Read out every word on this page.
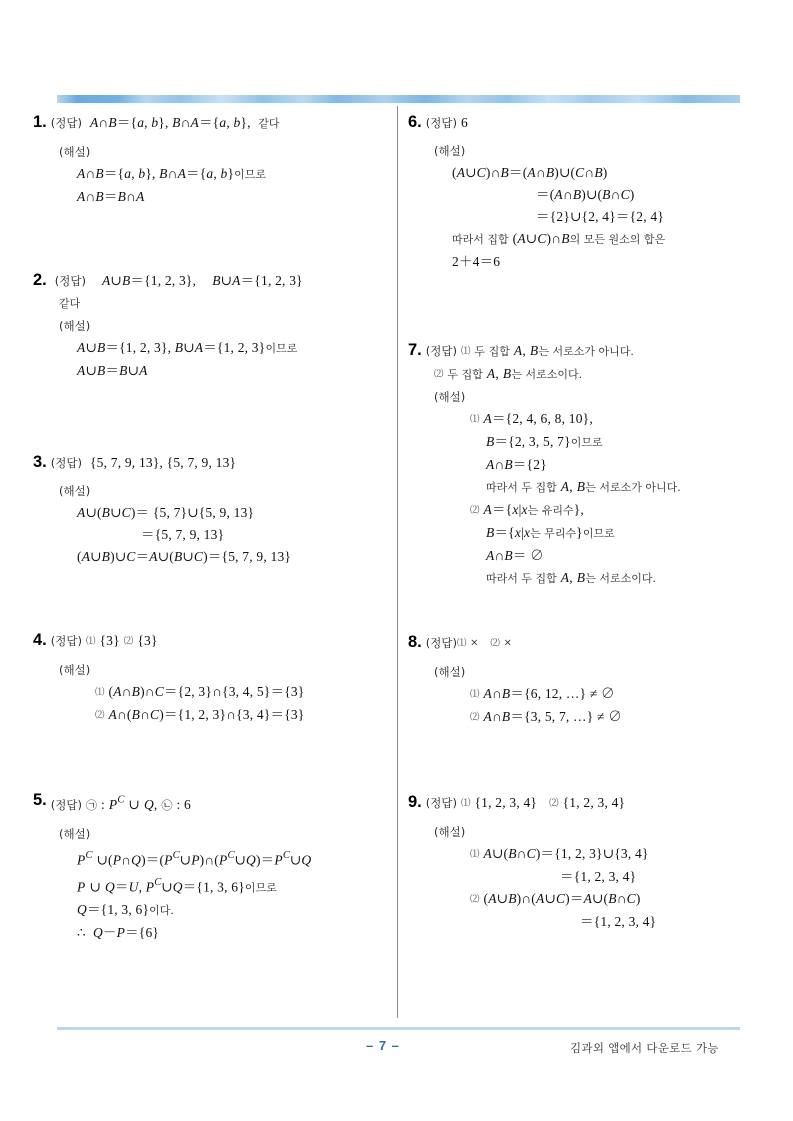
1. (정답) A∩B＝{a, b}, B∩A＝{a, b},  같다
(해설)
A∩B＝{a, b}, B∩A＝{a, b}이므로
A∩B＝B∩A
2. (정답) A∪B＝{1, 2, 3}, B∪A＝{1, 2, 3}
같다
(해설)
A∪B＝{1, 2, 3}, B∪A＝{1, 2, 3}이므로
A∪B＝B∪A
3. (정답) {5, 7, 9, 13}, {5, 7, 9, 13}
(해설)
A∪(B∪C)＝ {5, 7}∪{5, 9, 13}
＝{5, 7, 9, 13}
(A∪B)∪C＝A∪(B∪C)＝{5, 7, 9, 13}
4. (정답) ⑴ {3} ⑵ {3}
(해설)
⑴ (A∩B)∩C＝{2, 3}∩{3, 4, 5}＝{3}
⑵ A∩(B∩C)＝{1, 2, 3}∩{3, 4}＝{3}
5. (정답) ㉠ : $P^C$ ∪ Q, ㉡ : 6
(해설)
$P^C$ $\cup(P\cap Q)=(P^C\cup P)\cap(P^C\cup Q)=P^C\cup Q$
P ∪ Q＝U, $P^C\cup Q=\{1$, 3, 6}이므로
Q＝{1, 3, 6}이다.
∴  Q－P＝{6}
6. (정답) 6
(해설)
(A∪C)∩B＝(A∩B)∪(C∩B)
＝(A∩B)∪(B∩C)
＝{2}∪{2, 4}＝{2, 4}
따라서 집합 (A∪C)∩B의 모든 원소의 합은
2＋4＝6
7. (정답) ⑴ 두 집합 A, B는 서로소가 아니다.
⑵ 두 집합 A, B는 서로소이다.
(해설)
⑴ A＝{2, 4, 6, 8, 10},
B＝{2, 3, 5, 7}이므로
A∩B＝{2}
따라서 두 집합 A, B는 서로소가 아니다.
⑵ A＝{x|x는 유리수},
B＝{x|x는 무리수}이므로
A∩B＝ ∅
따라서 두 집합 A, B는 서로소이다.
8. (정답)⑴ × ⑵ ×
(해설)
⑴ A∩B＝{6, 12, …} ≠ ∅
⑵ A∩B＝{3, 5, 7, …} ≠ ∅
9. (정답) ⑴ {1, 2, 3, 4} ⑵ {1, 2, 3, 4}
(해설)
⑴ A∪(B∩C)＝{1, 2, 3}∪{3, 4}
＝{1, 2, 3, 4}
⑵ (A∪B)∩(A∪C)＝A∪(B∩C)
＝{1, 2, 3, 4}
– 7 –	김과외 앱에서 다운로드 가능
